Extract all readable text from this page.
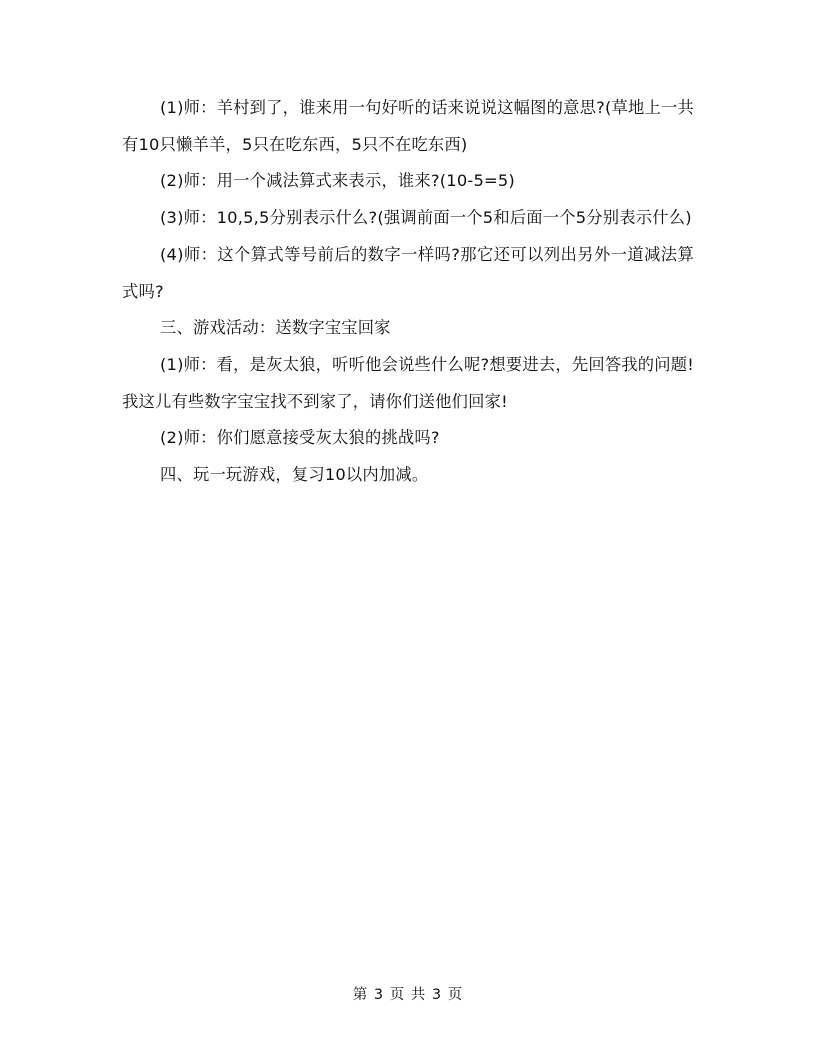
(1)师：羊村到了，谁来用一句好听的话来说说这幅图的意思?(草地上一共有10只懒羊羊，5只在吃东西，5只不在吃东西)

(2)师：用一个减法算式来表示，谁来?(10-5=5)

(3)师：10,5,5分别表示什么?(强调前面一个5和后面一个5分别表示什么)

(4)师：这个算式等号前后的数字一样吗?那它还可以列出另外一道减法算式吗?

三、游戏活动：送数字宝宝回家

(1)师：看，是灰太狼，听听他会说些什么呢?想要进去，先回答我的问题!我这儿有些数字宝宝找不到家了，请你们送他们回家!

(2)师：你们愿意接受灰太狼的挑战吗?

四、玩一玩游戏，复习10以内加减。

第 3 页 共 3 页
